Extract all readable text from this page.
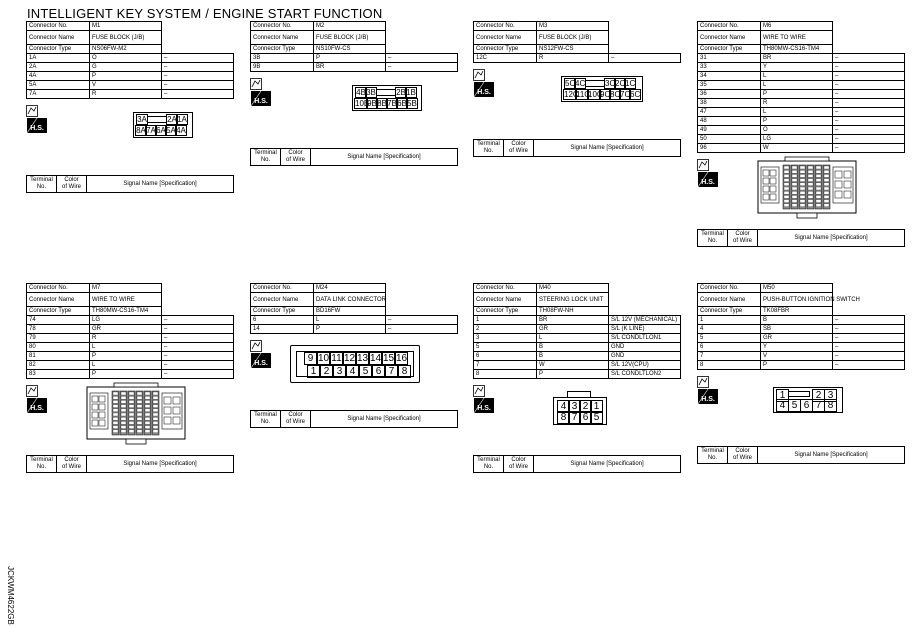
INTELLIGENT KEY SYSTEM / ENGINE START FUNCTION
JCKWM4622GB
Connector No.	M1	
Connector Name	FUSE BLOCK (J/B)	
Connector Type	NS06FW-M2	
1A	O	–
2A	G	–
4A	P	–
5A	V	–
7A	R	–
H.S.
3A	2A 1A
8A 7A 6A 5A 4A
Terminal
No.	Color
of Wire	Signal Name [Specification]
Connector No.	M2	
Connector Name	FUSE BLOCK (J/B)	
Connector Type	NS10FW-CS	
3B	P	–
9B	BR	–
H.S.
4B 3B	2B 1B
10B
9B 8B 7B 6B 5B
Terminal
No.	Color
of Wire	Signal Name [Specification]
Connector No.	M3	
Connector Name	FUSE BLOCK (J/B)	
Connector Type	NS12FW-CS	
12C	R	–
H.S.
5C 4C 3C 2C 1C
12C
11C
10C
9C 8C 7C 6C
Terminal
No.	Color
of Wire	Signal Name [Specification]
Connector No.	M6	
Connector Name	WIRE TO WIRE	
Connector Type	TH80MW-CS16-TM4	
31	BR	–
33	Y	–
34	L	–
35	L	–
36	P	–
38	R	–
47	L	–
48	P	–
49	O	–
50	LG	–
96	W	–
H.S.
Terminal
No.	Color
of Wire	Signal Name [Specification]
Connector No.	M7	
Connector Name	WIRE TO WIRE	
Connector Type	TH80MW-CS16-TM4	
74	LG	–
78	GR	–
79	R	–
80	L	–
81	P	–
82	L	–
83	P	–
H.S.
Terminal
No.	Color
of Wire	Signal Name [Specification]
Connector No.	M24	
Connector Name	DATA LINK CONNECTOR	
Connector Type	BD16FW	
6	L	–
14	P	–
H.S.	9 10 11 12 13 14 15 16
1 2 3 4 5 6 7 8
Terminal
No.	Color
of Wire	Signal Name [Specification]
Connector No.	M40	
Connector Name	STEERING LOCK UNIT	
Connector Type	TH08FW-NH	
1	BR	S/L 12V (MECHANICAL)
2	GR	S/L (K LINE)
3	L	S/L CONDLTLON1
5	B	GND
6	B	GND
7	W	S/L 12V(CPU)
8	P	S/L CONDLTLON2
H.S.	4 3 2 1
8 7 6 5
Terminal
No.	Color
of Wire	Signal Name [Specification]
Connector No.	M50	
Connector Name	PUSH-BUTTON IGNITION SWITCH	
Connector Type	TK08FBR	
1	B	–
4	SB	–
5	GR	–
6	Y	–
7	V	–
8	P	–
H.S.	1	2 3
4 5 6 7 8
Terminal
No.	Color
of Wire	Signal Name [Specification]
